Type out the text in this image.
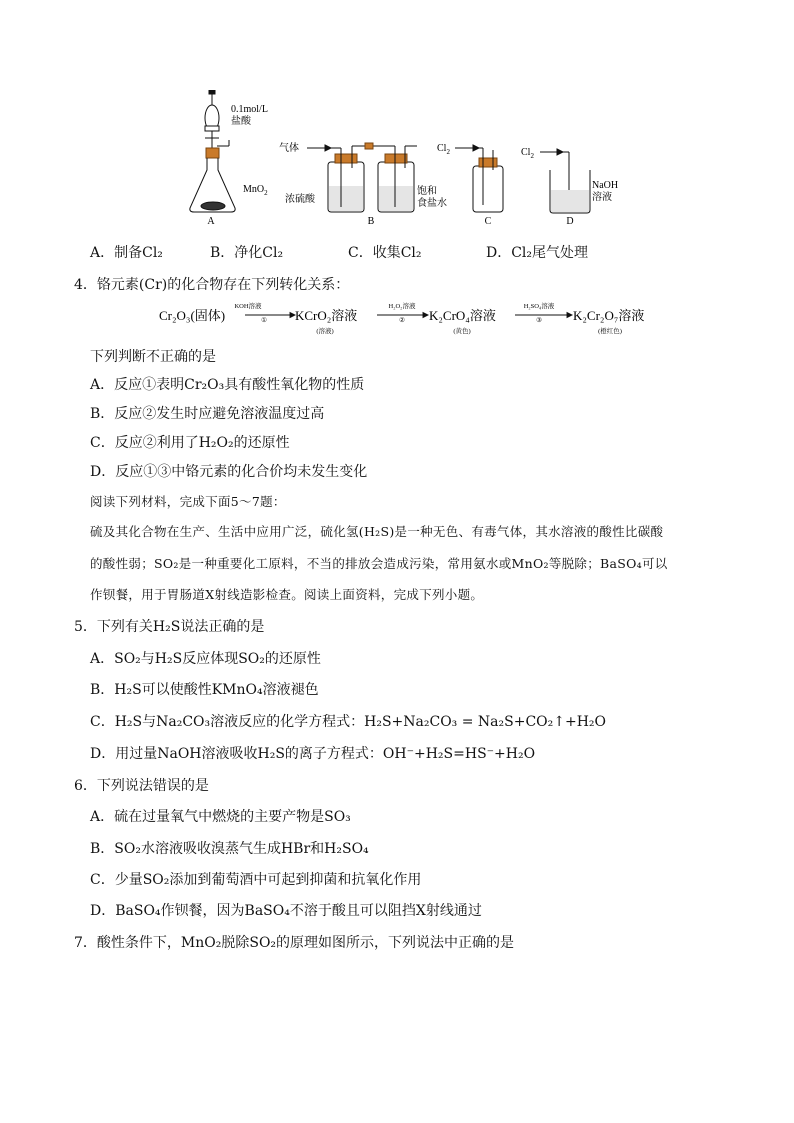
0.1mol/L
盐酸
MnO$_2$
气体
浓硫酸
饱和
食盐水
$Cl_2$	$Cl_2$
NaOH
溶液
A	B	C	D
A．制备Cl₂	B．净化Cl₂	C．收集Cl₂	D．Cl₂尾气处理
4．铬元素(Cr)的化合物存在下列转化关系：
Cr₂O₃(固体)	KCrO₂溶液	K₂CrO₄溶液	K₂Cr₂O₇溶液
KOH溶液
①
(溶液)
H₂O₂溶液
②
(黄色)
H₂SO₄溶液
③
(橙红色)
下列判断不正确的是
A．反应①表明Cr₂O₃具有酸性氧化物的性质
B．反应②发生时应避免溶液温度过高
C．反应②利用了H₂O₂的还原性
D．反应①③中铬元素的化合价均未发生变化
阅读下列材料，完成下面5～7题：
硫及其化合物在生产、生活中应用广泛，硫化氢(H₂S)是一种无色、有毒气体，其水溶液的酸性比碳酸
的酸性弱；SO₂是一种重要化工原料，不当的排放会造成污染，常用氨水或MnO₂等脱除；BaSO₄可以
作钡餐，用于胃肠道X射线造影检查。阅读上面资料，完成下列小题。
5．下列有关H₂S说法正确的是
A．SO₂与H₂S反应体现SO₂的还原性
B．H₂S可以使酸性KMnO₄溶液褪色
C．H₂S与Na₂CO₃溶液反应的化学方程式：H₂S+Na₂CO₃ = Na₂S+CO₂↑+H₂O
D．用过量NaOH溶液吸收H₂S的离子方程式：OH⁻+H₂S=HS⁻+H₂O
6．下列说法错误的是
A．硫在过量氧气中燃烧的主要产物是SO₃
B．SO₂水溶液吸收溴蒸气生成HBr和H₂SO₄
C．少量SO₂添加到葡萄酒中可起到抑菌和抗氧化作用
D．BaSO₄作钡餐，因为BaSO₄不溶于酸且可以阻挡X射线通过
7．酸性条件下，MnO₂脱除SO₂的原理如图所示，下列说法中正确的是
